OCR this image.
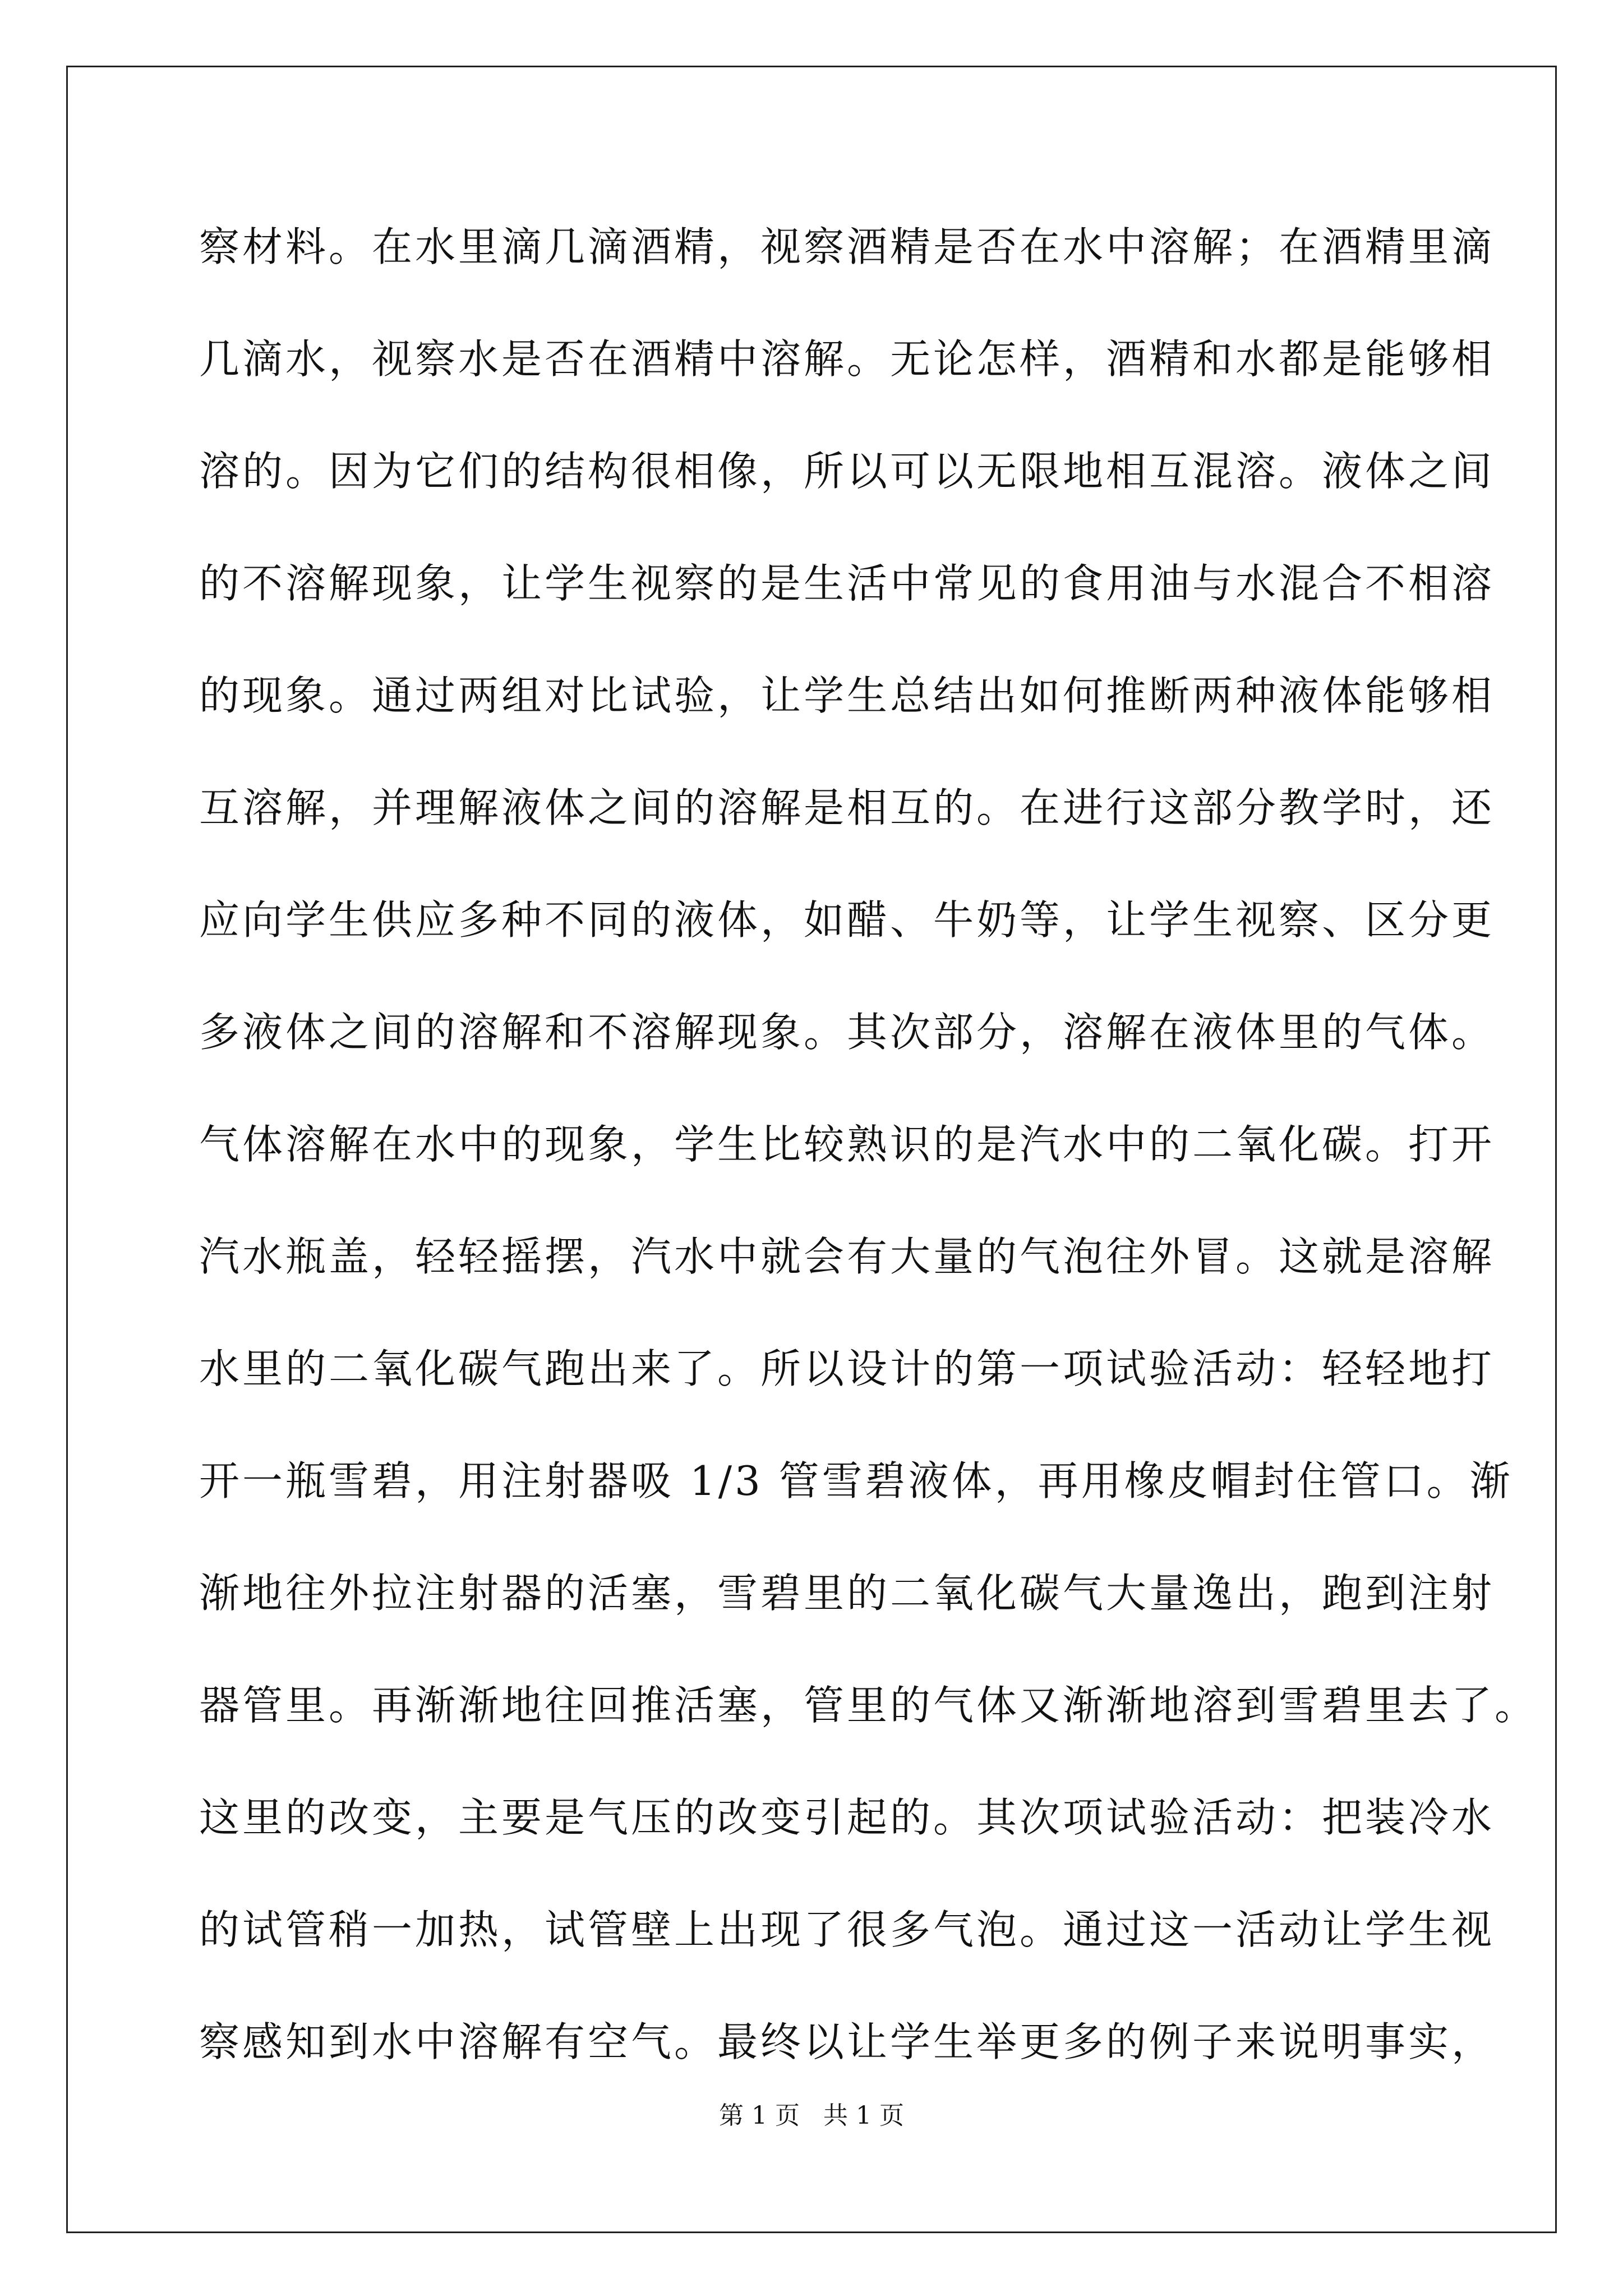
察材料。在水里滴几滴酒精，视察酒精是否在水中溶解；在酒精里滴
几滴水，视察水是否在酒精中溶解。无论怎样，酒精和水都是能够相
溶的。因为它们的结构很相像，所以可以无限地相互混溶。液体之间
的不溶解现象，让学生视察的是生活中常见的食用油与水混合不相溶
的现象。通过两组对比试验，让学生总结出如何推断两种液体能够相
互溶解，并理解液体之间的溶解是相互的。在进行这部分教学时，还
应向学生供应多种不同的液体，如醋、牛奶等，让学生视察、区分更
多液体之间的溶解和不溶解现象。其次部分，溶解在液体里的气体。
气体溶解在水中的现象，学生比较熟识的是汽水中的二氧化碳。打开
汽水瓶盖，轻轻摇摆，汽水中就会有大量的气泡往外冒。这就是溶解
水里的二氧化碳气跑出来了。所以设计的第一项试验活动：轻轻地打
开一瓶雪碧，用注射器吸 1/3 管雪碧液体，再用橡皮帽封住管口。渐
渐地往外拉注射器的活塞，雪碧里的二氧化碳气大量逸出，跑到注射
器管里。再渐渐地往回推活塞，管里的气体又渐渐地溶到雪碧里去了。
这里的改变，主要是气压的改变引起的。其次项试验活动：把装冷水
的试管稍一加热，试管壁上出现了很多气泡。通过这一活动让学生视
察感知到水中溶解有空气。最终以让学生举更多的例子来说明事实，
第 1 页   共 1 页
